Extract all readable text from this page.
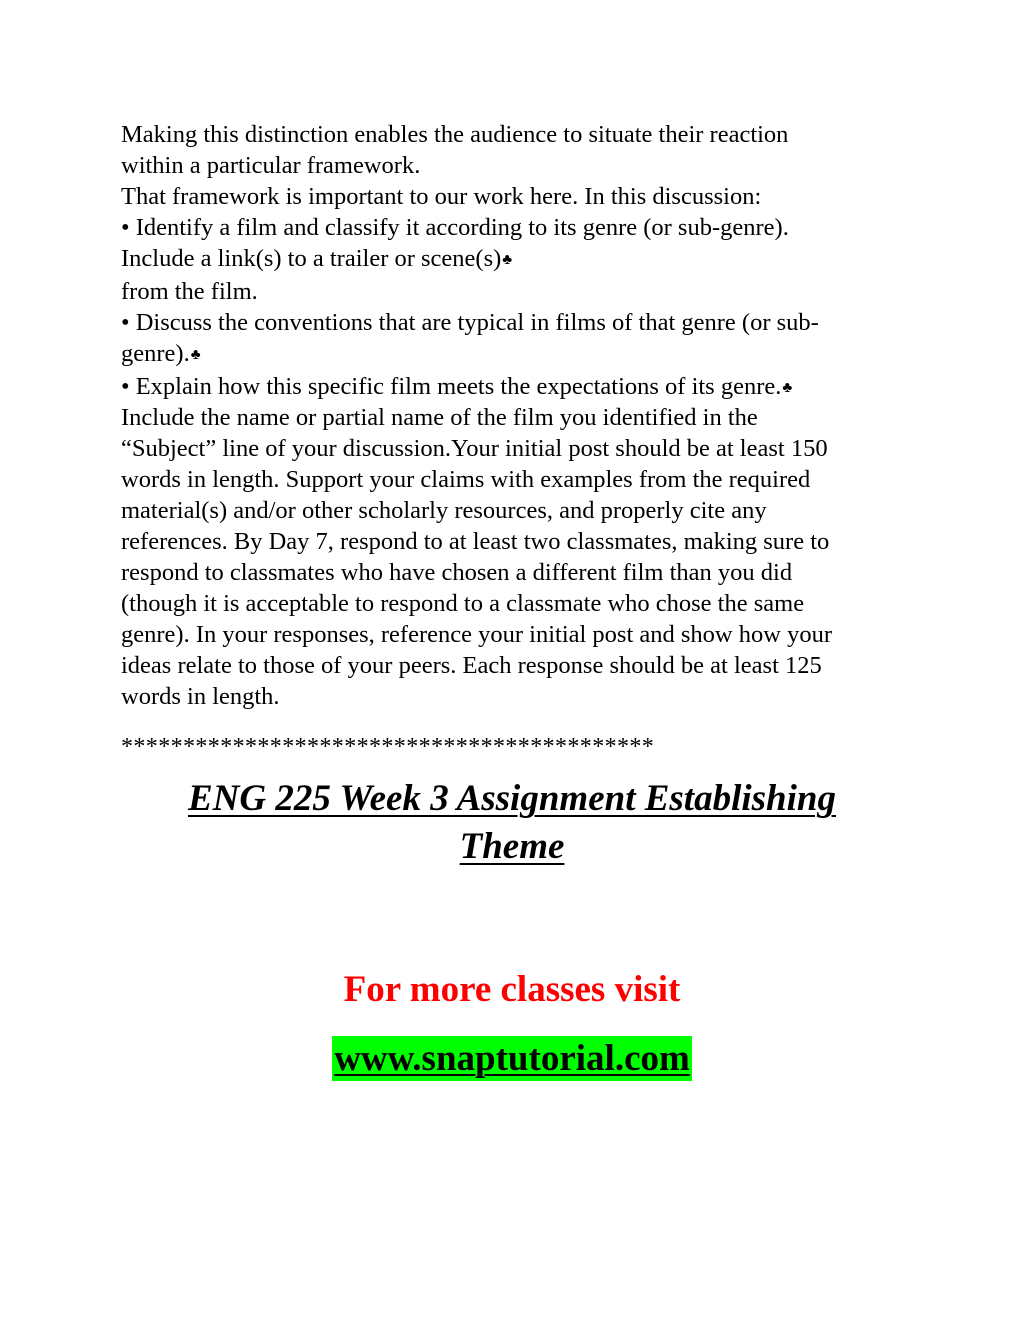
Making this distinction enables the audience to situate their reaction
within a particular framework.
That framework is important to our work here. In this discussion:
• Identify a film and classify it according to its genre (or sub-genre).
Include a link(s) to a trailer or scene(s)♣
from the film.
• Discuss the conventions that are typical in films of that genre (or sub-
genre).♣
• Explain how this specific film meets the expectations of its genre.♣
Include the name or partial name of the film you identified in the
“Subject” line of your discussion.Your initial post should be at least 150
words in length. Support your claims with examples from the required
material(s) and/or other scholarly resources, and properly cite any
references. By Day 7, respond to at least two classmates, making sure to
respond to classmates who have chosen a different film than you did
(though it is acceptable to respond to a classmate who chose the same
genre). In your responses, reference your initial post and show how your
ideas relate to those of your peers. Each response should be at least 125
words in length.
*******************************************
ENG 225 Week 3 Assignment Establishing
Theme
For more classes visit
www.snaptutorial.com
